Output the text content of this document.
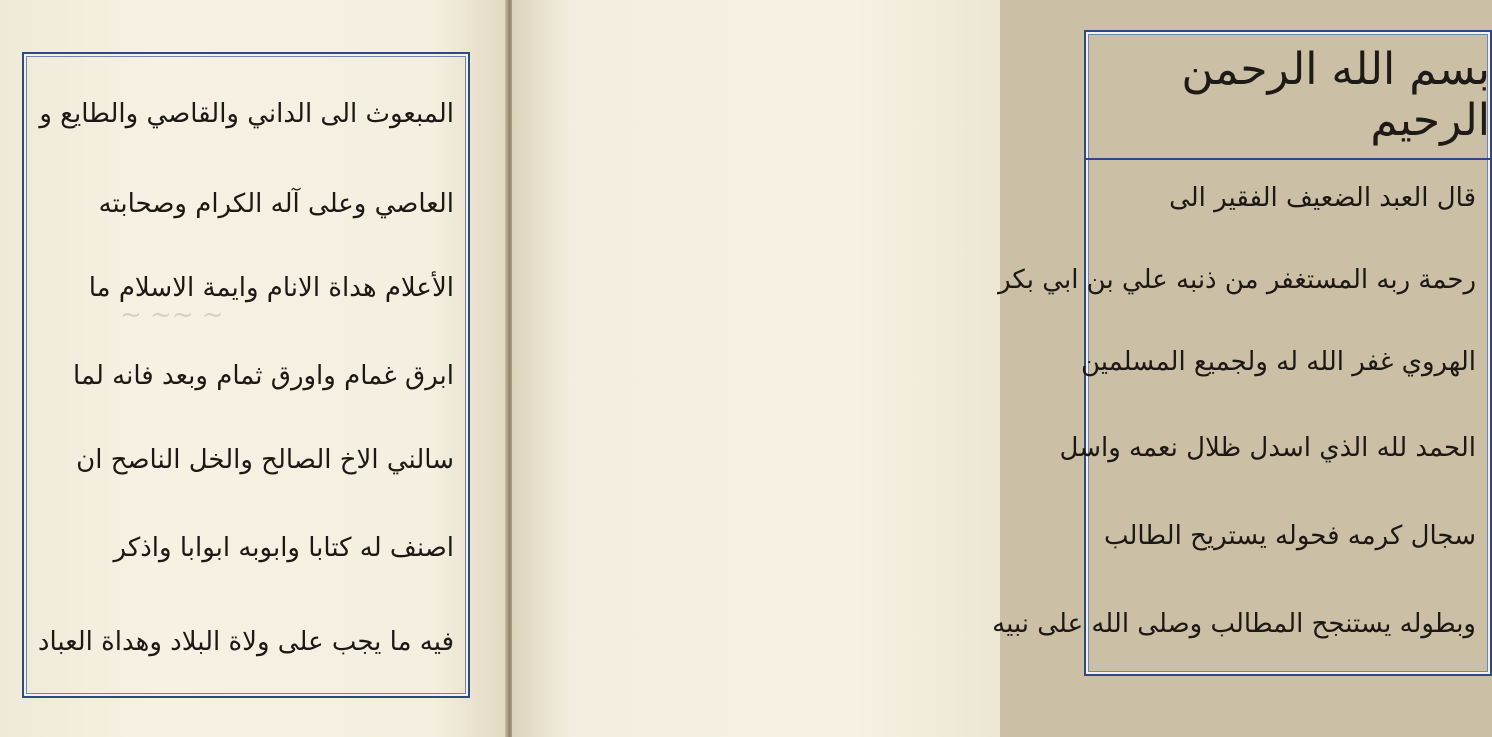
~ ~~ ~
المبعوث الى الداني والقاصي والطايع و
العاصي وعلى آله الكرام وصحابته
الأعلام هداة الانام وايمة الاسلام ما
ابرق غمام واورق ثمام وبعد فانه لما
سالني الاخ الصالح والخل الناصح ان
اصنف له كتابا وابوبه ابوابا واذكر
فيه ما يجب على ولاة البلاد وهداة العباد
بسم الله الرحمن الرحيم
قال العبد الضعيف الفقير الى
رحمة ربه المستغفر من ذنبه علي بن ابي بكر
الهروي غفر الله له ولجميع المسلمين
الحمد لله الذي اسدل ظلال نعمه واسل
سجال كرمه فحوله يستريح الطالب
وبطوله يستنجح المطالب وصلى الله على نبيه
